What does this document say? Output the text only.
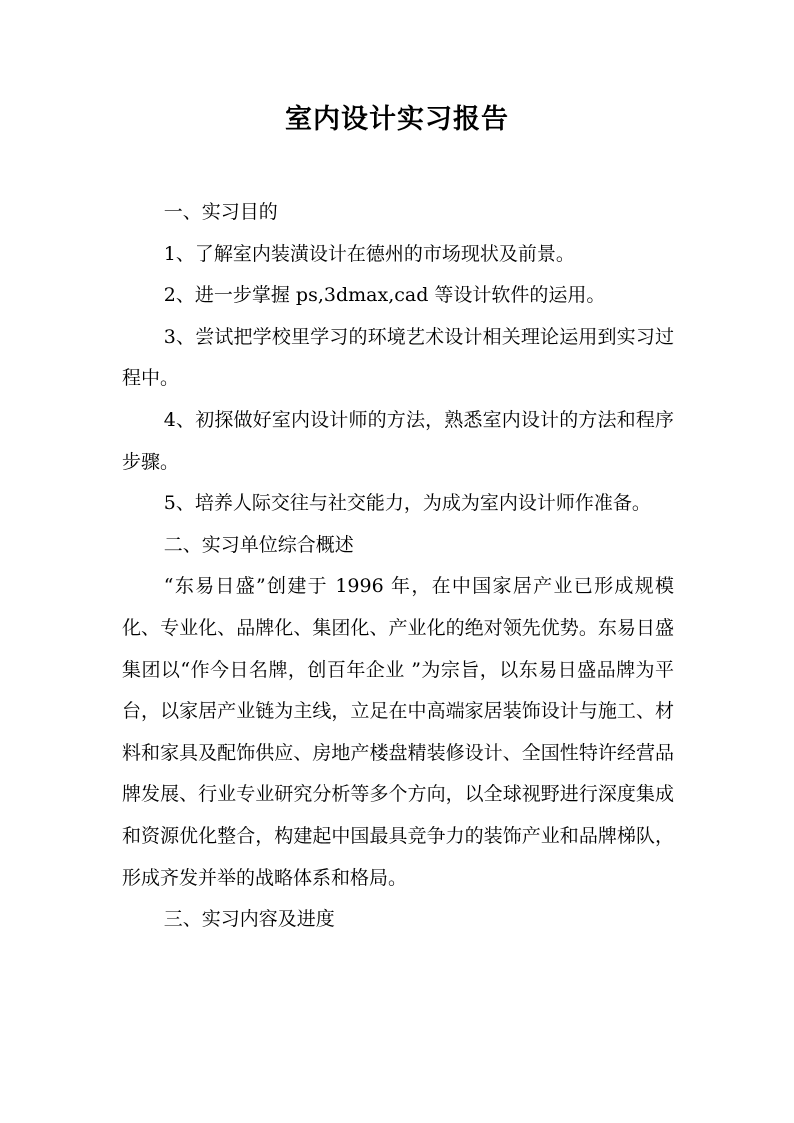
室内设计实习报告

一、实习目的

1、了解室内装潢设计在德州的市场现状及前景。

2、进一步掌握 ps,3dmax,cad 等设计软件的运用。

3、尝试把学校里学习的环境艺术设计相关理论运用到实习过程中。

4、初探做好室内设计师的方法，熟悉室内设计的方法和程序步骤。

5、培养人际交往与社交能力，为成为室内设计师作准备。

二、实习单位综合概述

“东易日盛”创建于 1996 年，在中国家居产业已形成规模化、专业化、品牌化、集团化、产业化的绝对领先优势。东易日盛集团以“作今日名牌，创百年企业 ”为宗旨，以东易日盛品牌为平台，以家居产业链为主线，立足在中高端家居装饰设计与施工、材料和家具及配饰供应、房地产楼盘精装修设计、全国性特许经营品牌发展、行业专业研究分析等多个方向，以全球视野进行深度集成和资源优化整合，构建起中国最具竞争力的装饰产业和品牌梯队，形成齐发并举的战略体系和格局。

三、实习内容及进度
